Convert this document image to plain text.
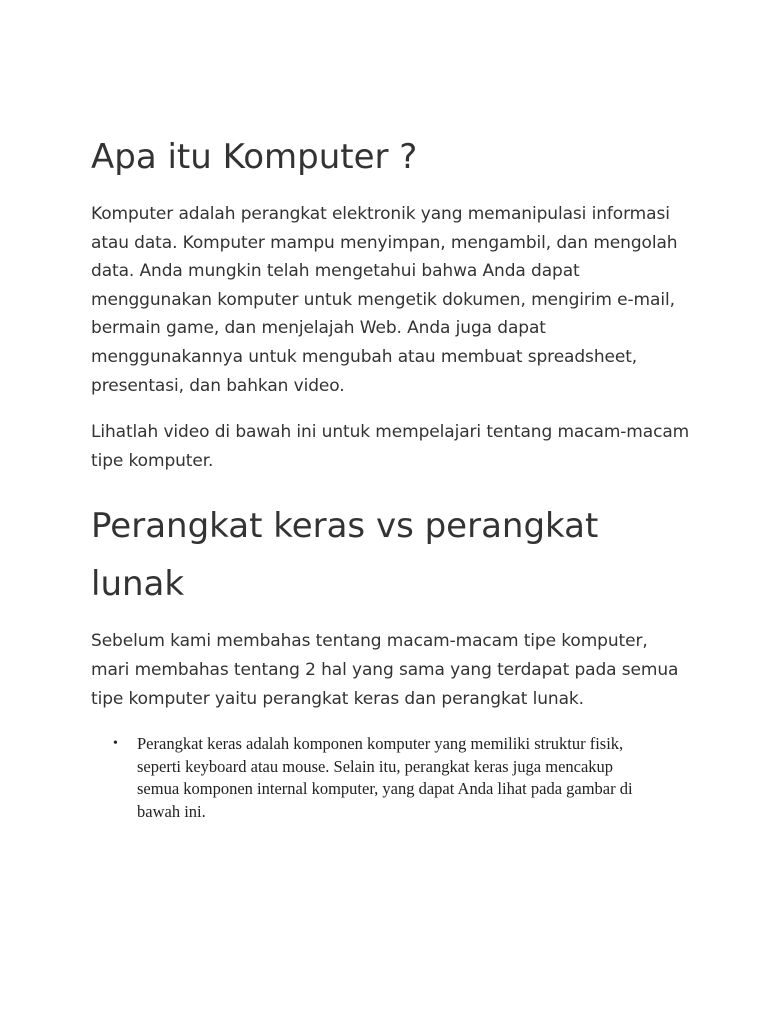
Apa itu Komputer ?

Komputer adalah perangkat elektronik yang memanipulasi informasi atau data. Komputer mampu menyimpan, mengambil, dan mengolah data. Anda mungkin telah mengetahui bahwa Anda dapat menggunakan komputer untuk mengetik dokumen, mengirim e-mail, bermain game, dan menjelajah Web. Anda juga dapat menggunakannya untuk mengubah atau membuat spreadsheet, presentasi, dan bahkan video.

Lihatlah video di bawah ini untuk mempelajari tentang macam-macam tipe komputer.

Perangkat keras vs perangkat lunak

Sebelum kami membahas tentang macam-macam tipe komputer, mari membahas tentang 2 hal yang sama yang terdapat pada semua tipe komputer yaitu perangkat keras dan perangkat lunak.

• Perangkat keras adalah komponen komputer yang memiliki struktur fisik, seperti keyboard atau mouse. Selain itu, perangkat keras juga mencakup semua komponen internal komputer, yang dapat Anda lihat pada gambar di bawah ini.
